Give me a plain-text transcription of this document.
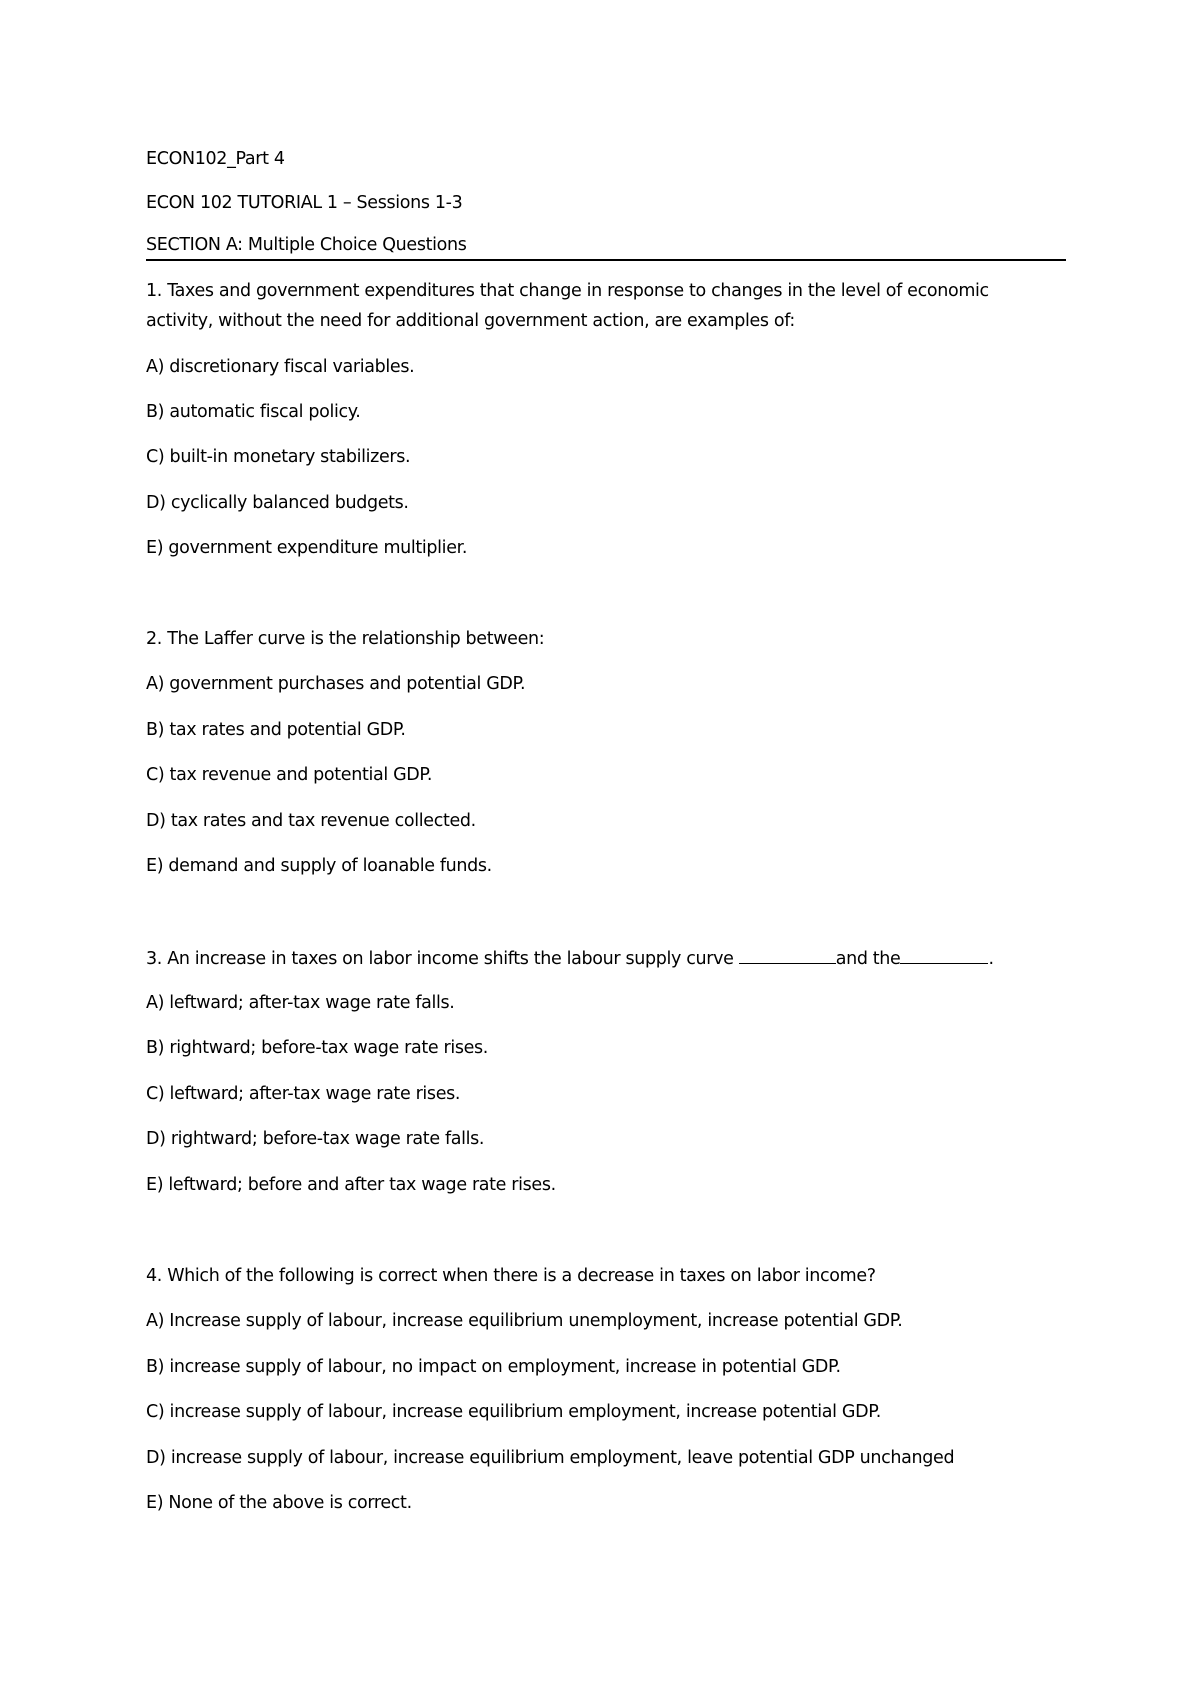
ECON102_Part 4
ECON 102 TUTORIAL 1 – Sessions 1-3
SECTION A: Multiple Choice Questions
1. Taxes and government expenditures that change in response to changes in the level of economic
activity, without the need for additional government action, are examples of:
A) discretionary fiscal variables.
B) automatic fiscal policy.
C) built-in monetary stabilizers.
D) cyclically balanced budgets.
E) government expenditure multiplier.
2. The Laffer curve is the relationship between:
A) government purchases and potential GDP.
B) tax rates and potential GDP.
C) tax revenue and potential GDP.
D) tax rates and tax revenue collected.
E) demand and supply of loanable funds.
3. An increase in taxes on labor income shifts the labour supply curve	and the	.
A) leftward; after-tax wage rate falls.
B) rightward; before-tax wage rate rises.
C) leftward; after-tax wage rate rises.
D) rightward; before-tax wage rate falls.
E) leftward; before and after tax wage rate rises.
4. Which of the following is correct when there is a decrease in taxes on labor income?
A) Increase supply of labour, increase equilibrium unemployment, increase potential GDP.
B) increase supply of labour, no impact on employment, increase in potential GDP.
C) increase supply of labour, increase equilibrium employment, increase potential GDP.
D) increase supply of labour, increase equilibrium employment, leave potential GDP unchanged
E) None of the above is correct.
